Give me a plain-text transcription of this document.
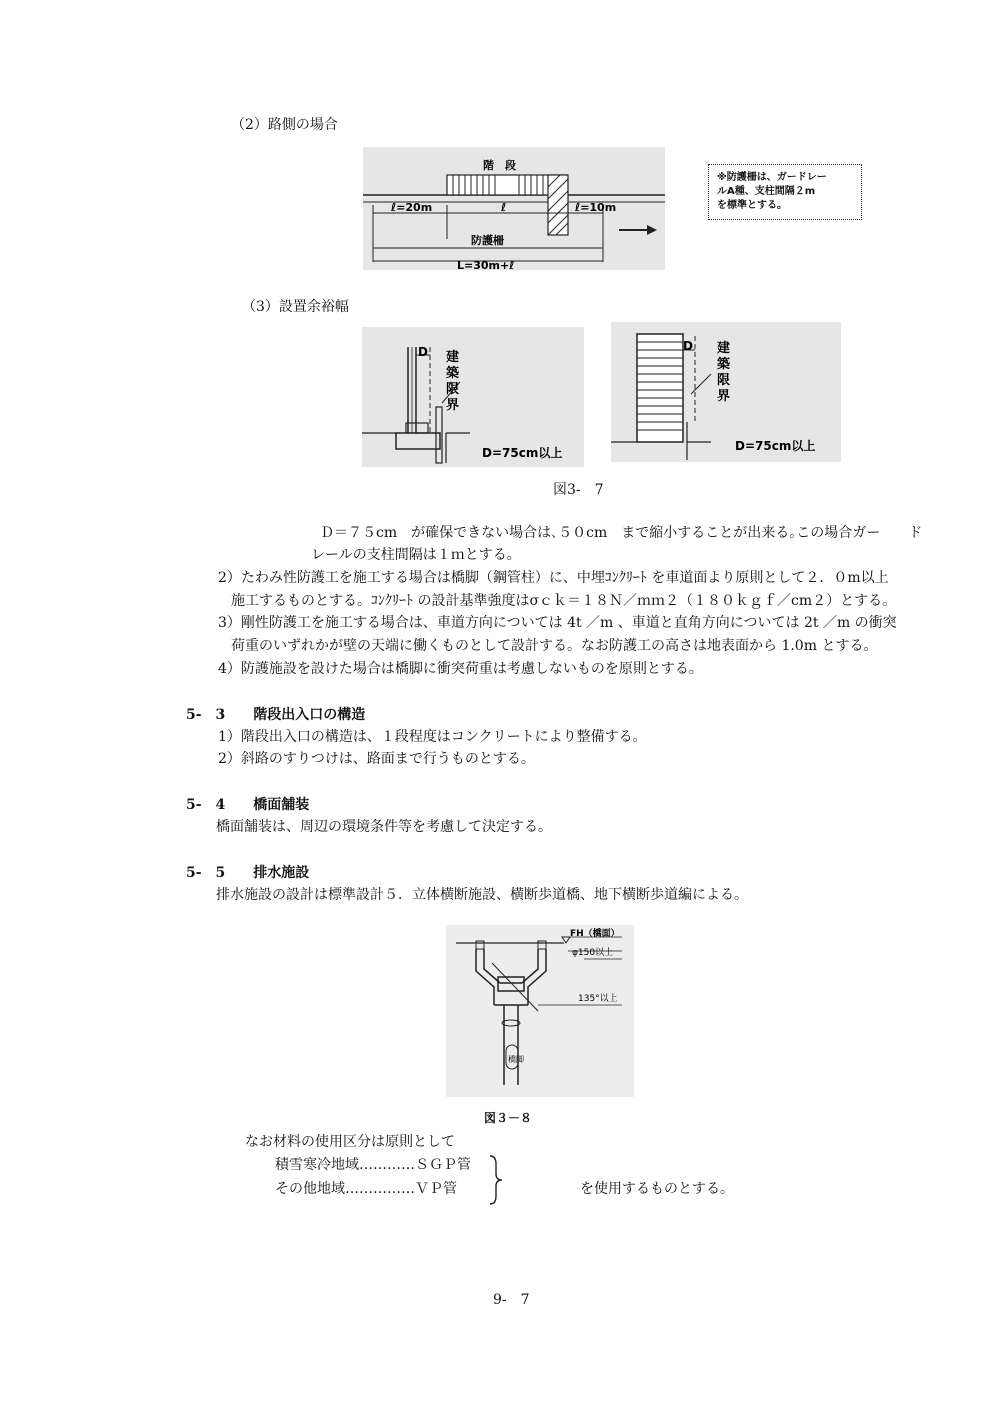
（2）路側の場合
階　段
ℓ=20m	ℓ	ℓ=10m
防護柵
L=30m+ℓ
※防護柵は、ガードレー
ルA種、支柱間隔２m
を標準とする。
（3）設置余裕幅
D 建
築
限
界
D=75cm以上
D 建
築
限
界
D=75cm以上
図3-　7
Ｄ＝７５cm　が確保できない場合は､５０cm　まで縮小することが出来る｡この場合ガー　　ド
レールの支柱間隔は１ｍとする。
2）たわみ性防護工を施工する場合は橋脚（鋼管柱）に、中埋ｺﾝｸﾘｰﾄ を車道面より原則として２．０m以上
施工するものとする。ｺﾝｸﾘｰﾄ の設計基準強度はσｃｋ＝１８Ｎ／ｍｍ２（１８０ｋｇｆ／cm２）とする。
3）剛性防護工を施工する場合は、車道方向については 4t ／m 、車道と直角方向については 2t ／m の衝突
荷重のいずれかが壁の天端に働くものとして設計する。なお防護工の高さは地表面から 1.0m とする。
4）防護施設を設けた場合は橋脚に衝突荷重は考慮しないものを原則とする。
5-　3　　階段出入口の構造
1）階段出入口の構造は、１段程度はコンクリートにより整備する。
2）斜路のすりつけは、路面まで行うものとする。
5-　4　　橋面舗装
橋面舗装は、周辺の環境条件等を考慮して決定する。
5-　5　　排水施設
排水施設の設計は標準設計５．立体横断施設、横断歩道橋、地下横断歩道編による。
FH（橋面）
φ150以上
135°以上
橋脚
図３－８
なお材料の使用区分は原則として
積雪寒冷地域…………ＳＧＰ管
その他地域……………ＶＰ管	を使用するものとする。
9-　7
